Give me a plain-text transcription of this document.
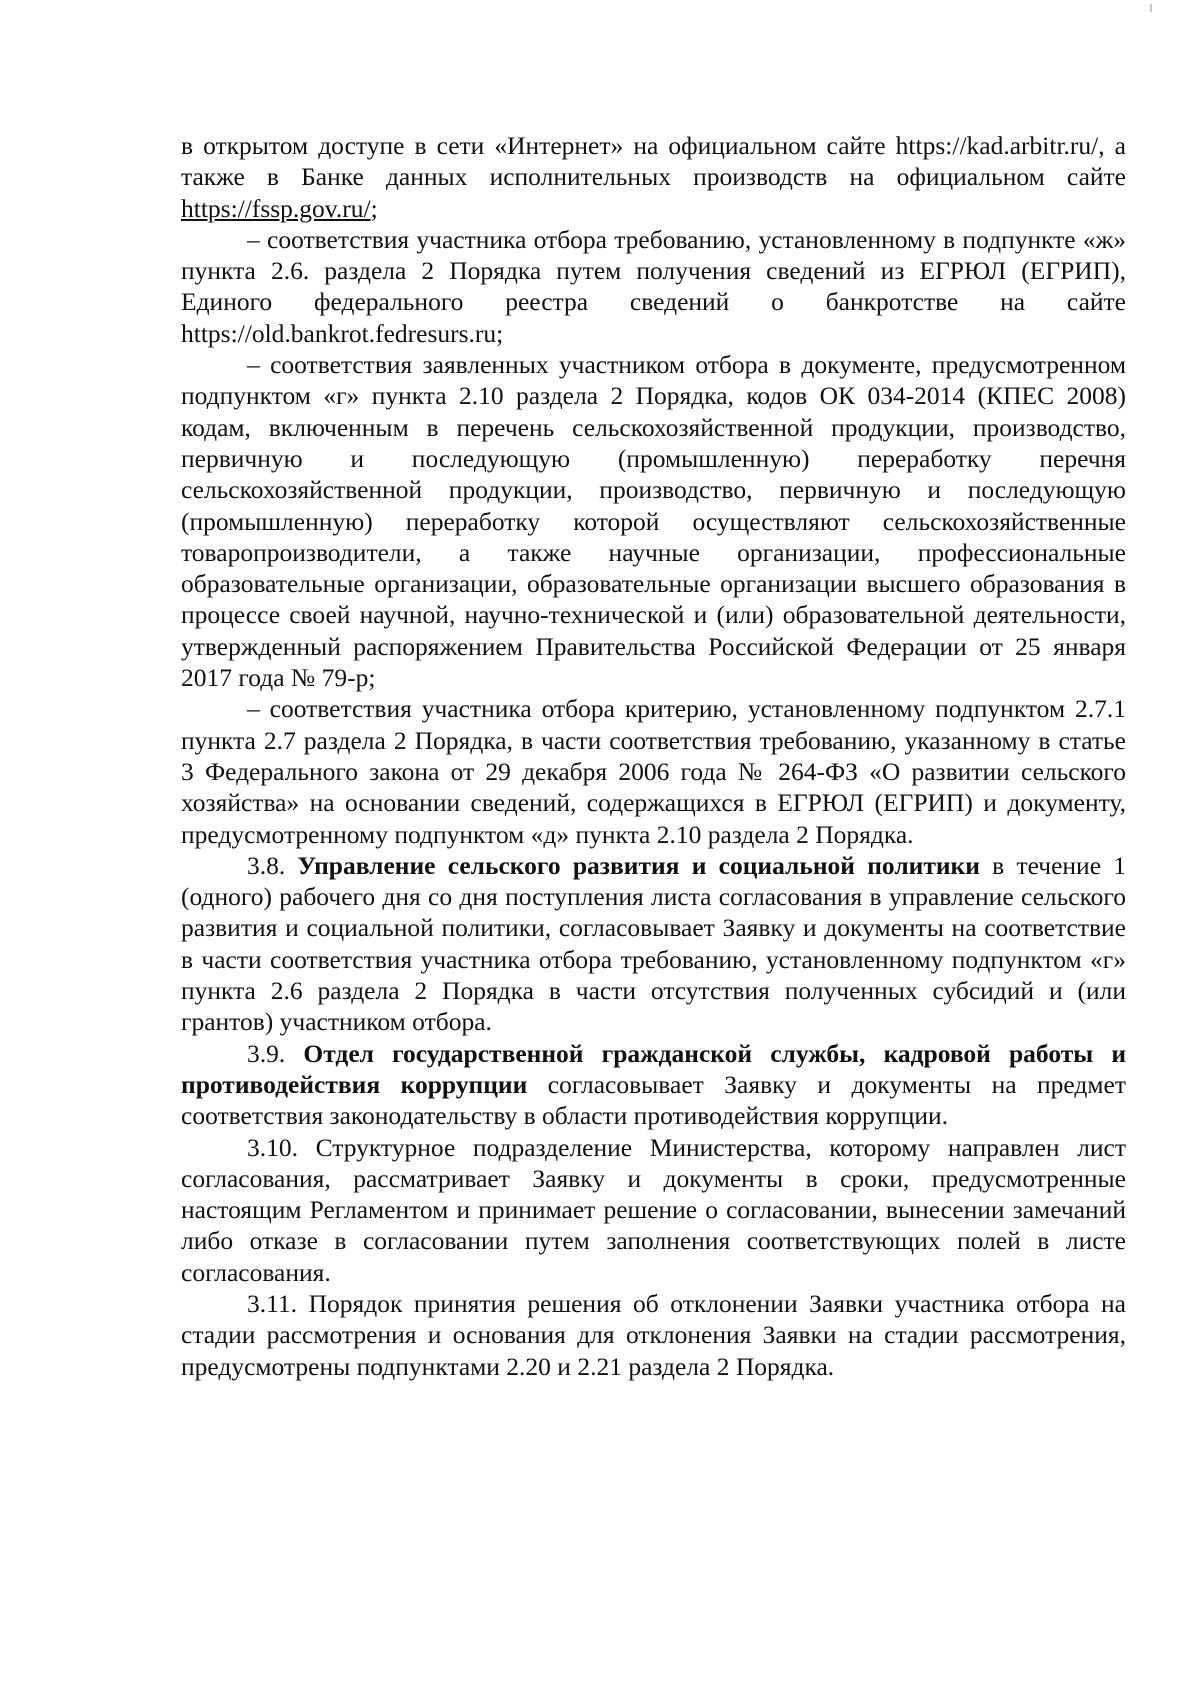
в открытом доступе в сети «Интернет» на официальном сайте https://kad.arbitr.ru/, а также в Банке данных исполнительных производств на официальном сайте https://fssp.gov.ru/;

– соответствия участника отбора требованию, установленному в подпункте «ж» пункта 2.6. раздела 2 Порядка путем получения сведений из ЕГРЮЛ (ЕГРИП), Единого федерального реестра сведений о банкротстве на сайте https://old.bankrot.fedresurs.ru;

– соответствия заявленных участником отбора в документе, предусмотренном подпунктом «г» пункта 2.10 раздела 2 Порядка, кодов ОК 034-2014 (КПЕС 2008) кодам, включенным в перечень сельскохозяйственной продукции, производство, первичную и последующую (промышленную) переработку перечня сельскохозяйственной продукции, производство, первичную и последующую (промышленную) переработку которой осуществляют сельскохозяйственные товаропроизводители, а также научные организации, профессиональные образовательные организации, образовательные организации высшего образования в процессе своей научной, научно-технической и (или) образовательной деятельности, утвержденный распоряжением Правительства Российской Федерации от 25 января 2017 года № 79-р;

– соответствия участника отбора критерию, установленному подпунктом 2.7.1 пункта 2.7 раздела 2 Порядка, в части соответствия требованию, указанному в статье 3 Федерального закона от 29 декабря 2006 года № 264-ФЗ «О развитии сельского хозяйства» на основании сведений, содержащихся в ЕГРЮЛ (ЕГРИП) и документу, предусмотренному подпунктом «д» пункта 2.10 раздела 2 Порядка.

3.8. Управление сельского развития и социальной политики в течение 1 (одного) рабочего дня со дня поступления листа согласования в управление сельского развития и социальной политики, согласовывает Заявку и документы на соответствие в части соответствия участника отбора требованию, установленному подпунктом «г» пункта 2.6 раздела 2 Порядка в части отсутствия полученных субсидий и (или грантов) участником отбора.

3.9. Отдел государственной гражданской службы, кадровой работы и противодействия коррупции согласовывает Заявку и документы на предмет соответствия законодательству в области противодействия коррупции.

3.10. Структурное подразделение Министерства, которому направлен лист согласования, рассматривает Заявку и документы в сроки, предусмотренные настоящим Регламентом и принимает решение о согласовании, вынесении замечаний либо отказе в согласовании путем заполнения соответствующих полей в листе согласования.

3.11. Порядок принятия решения об отклонении Заявки участника отбора на стадии рассмотрения и основания для отклонения Заявки на стадии рассмотрения, предусмотрены подпунктами 2.20 и 2.21 раздела 2 Порядка.
